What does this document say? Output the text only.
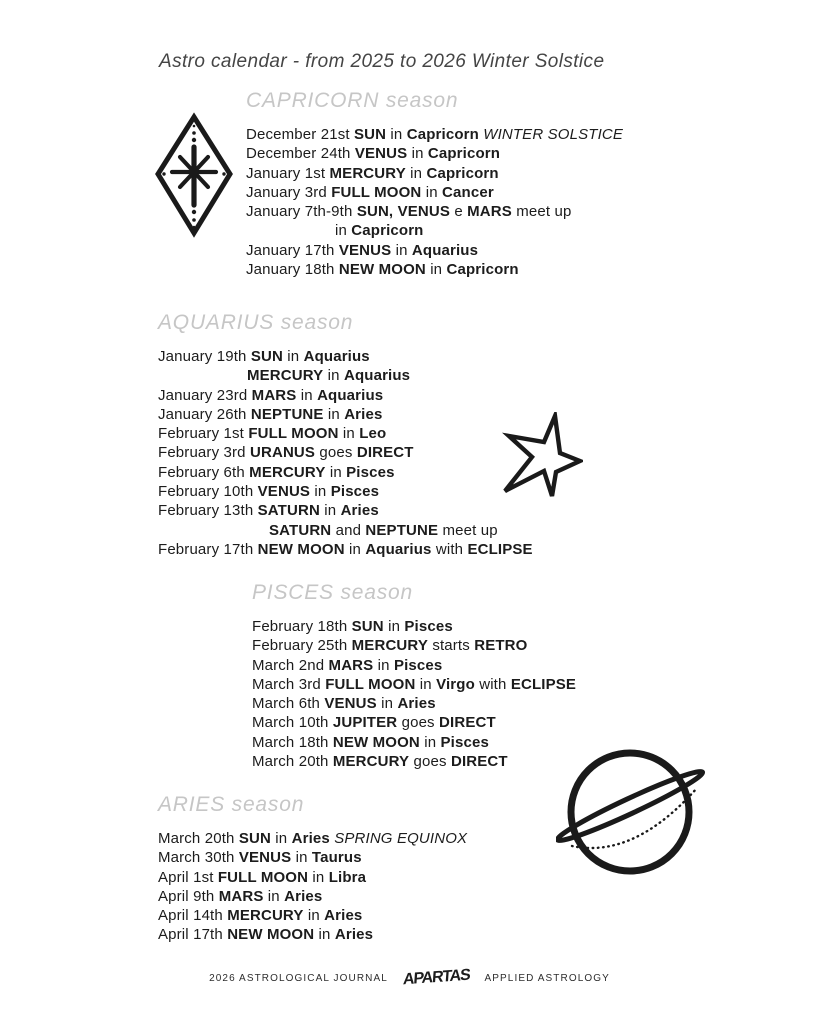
Astro calendar - from 2025 to 2026 Winter Solstice
CAPRICORN season
December 21st SUN in Capricorn WINTER SOLSTICE
December 24th VENUS in Capricorn
January 1st MERCURY in Capricorn
January 3rd FULL MOON in Cancer
January 7th-9th SUN, VENUS e MARS meet up
in Capricorn
January 17th VENUS in Aquarius
January 18th NEW MOON in Capricorn
AQUARIUS season
January 19th SUN in Aquarius
MERCURY in Aquarius
January 23rd MARS in Aquarius
January 26th NEPTUNE in Aries
February 1st FULL MOON in Leo
February 3rd URANUS goes DIRECT
February 6th MERCURY in Pisces
February 10th VENUS in Pisces
February 13th SATURN in Aries
SATURN and NEPTUNE meet up
February 17th NEW MOON in Aquarius with ECLIPSE
PISCES season
February 18th SUN in Pisces
February 25th MERCURY starts RETRO
March 2nd MARS in Pisces
March 3rd FULL MOON in Virgo with ECLIPSE
March 6th VENUS in Aries
March 10th JUPITER goes DIRECT
March 18th NEW MOON in Pisces
March 20th MERCURY goes DIRECT
ARIES season
March 20th SUN in Aries SPRING EQUINOX
March 30th VENUS in Taurus
April 1st FULL MOON in Libra
April 9th MARS in Aries
April 14th MERCURY in Aries
April 17th NEW MOON in Aries
2026 ASTROLOGICAL JOURNAL APARTAS APPLIED ASTROLOGY
